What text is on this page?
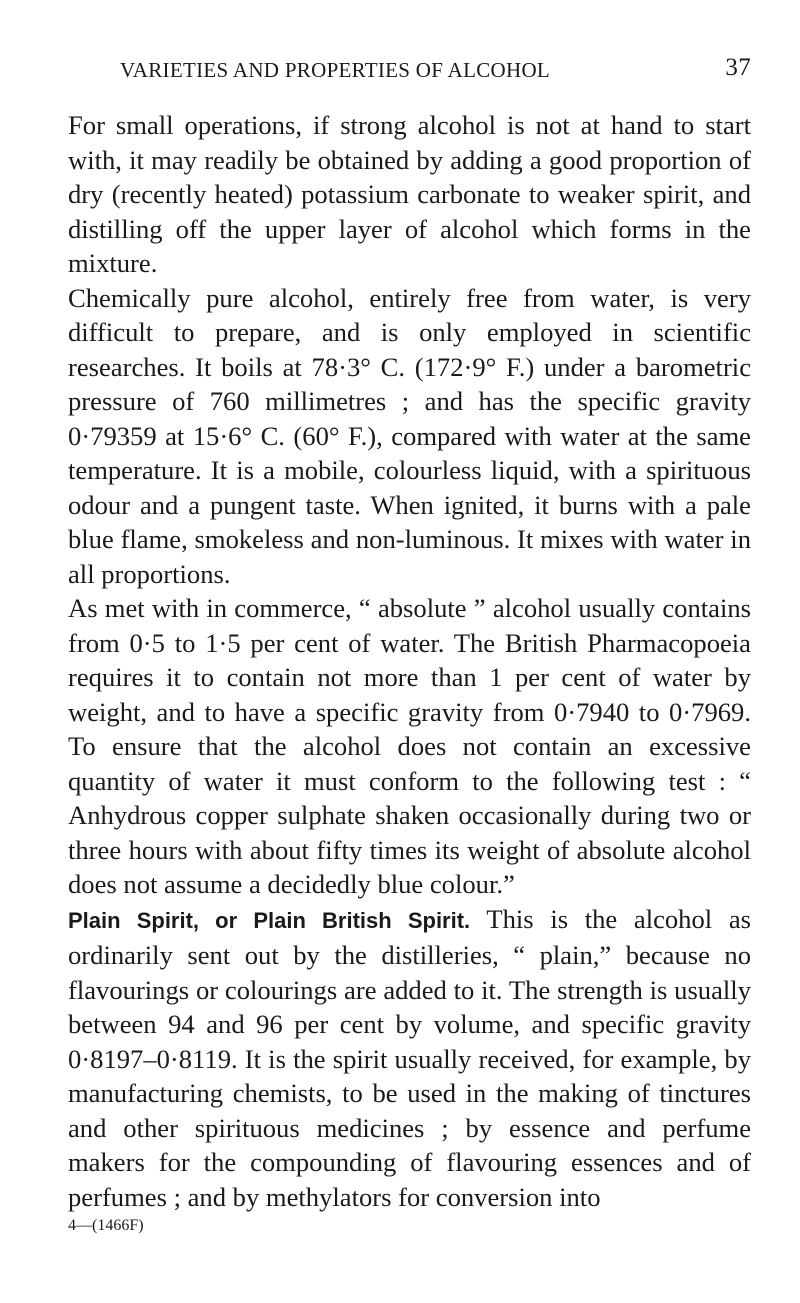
VARIETIES AND PROPERTIES OF ALCOHOL	37

For small operations, if strong alcohol is not at hand to start with, it may readily be obtained by adding a good proportion of dry (recently heated) potassium carbonate to weaker spirit, and distilling off the upper layer of alcohol which forms in the mixture.

Chemically pure alcohol, entirely free from water, is very difficult to prepare, and is only employed in scientific researches. It boils at 78·3° C. (172·9° F.) under a barometric pressure of 760 millimetres ; and has the specific gravity 0·79359 at 15·6° C. (60° F.), compared with water at the same temperature. It is a mobile, colourless liquid, with a spirituous odour and a pungent taste. When ignited, it burns with a pale blue flame, smokeless and non-luminous. It mixes with water in all proportions.

As met with in commerce, “ absolute ” alcohol usually contains from 0·5 to 1·5 per cent of water. The British Pharmacopoeia requires it to contain not more than 1 per cent of water by weight, and to have a specific gravity from 0·7940 to 0·7969. To ensure that the alcohol does not contain an excessive quantity of water it must conform to the following test : “ Anhydrous copper sulphate shaken occasionally during two or three hours with about fifty times its weight of absolute alcohol does not assume a decidedly blue colour.”

Plain Spirit, or Plain British Spirit. This is the alcohol as ordinarily sent out by the distilleries, “ plain,” because no flavourings or colourings are added to it. The strength is usually between 94 and 96 per cent by volume, and specific gravity 0·8197–0·8119. It is the spirit usually received, for example, by manufacturing chemists, to be used in the making of tinctures and other spirituous medicines ; by essence and perfume makers for the compounding of flavouring essences and of perfumes ; and by methylators for conversion into

4—(1466F)
